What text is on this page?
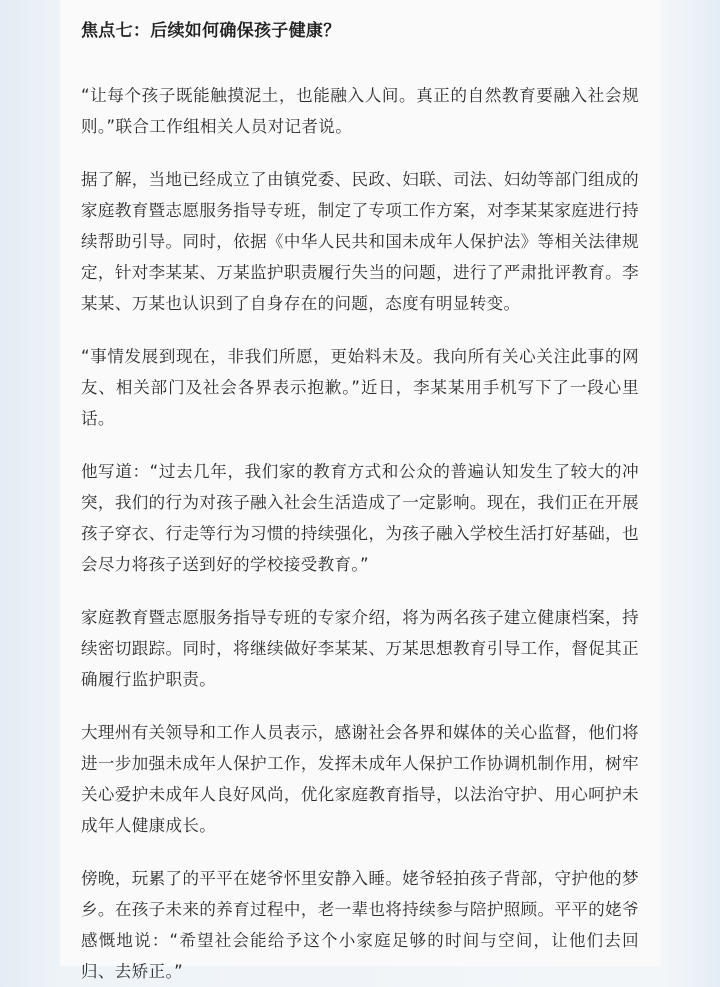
焦点七：后续如何确保孩子健康？

“让每个孩子既能触摸泥土，也能融入人间。真正的自然教育要融入社会规则。”联合工作组相关人员对记者说。

据了解，当地已经成立了由镇党委、民政、妇联、司法、妇幼等部门组成的家庭教育暨志愿服务指导专班，制定了专项工作方案，对李某某家庭进行持续帮助引导。同时，依据《中华人民共和国未成年人保护法》等相关法律规定，针对李某某、万某监护职责履行失当的问题，进行了严肃批评教育。李某某、万某也认识到了自身存在的问题，态度有明显转变。

“事情发展到现在，非我们所愿，更始料未及。我向所有关心关注此事的网友、相关部门及社会各界表示抱歉。”近日，李某某用手机写下了一段心里话。

他写道：“过去几年，我们家的教育方式和公众的普遍认知发生了较大的冲突，我们的行为对孩子融入社会生活造成了一定影响。现在，我们正在开展孩子穿衣、行走等行为习惯的持续强化，为孩子融入学校生活打好基础，也会尽力将孩子送到好的学校接受教育。”

家庭教育暨志愿服务指导专班的专家介绍，将为两名孩子建立健康档案，持续密切跟踪。同时，将继续做好李某某、万某思想教育引导工作，督促其正确履行监护职责。

大理州有关领导和工作人员表示，感谢社会各界和媒体的关心监督，他们将进一步加强未成年人保护工作，发挥未成年人保护工作协调机制作用，树牢关心爱护未成年人良好风尚，优化家庭教育指导，以法治守护、用心呵护未成年人健康成长。

傍晚，玩累了的平平在姥爷怀里安静入睡。姥爷轻拍孩子背部，守护他的梦乡。在孩子未来的养育过程中，老一辈也将持续参与陪护照顾。平平的姥爷感慨地说：“希望社会能给予这个小家庭足够的时间与空间，让他们去回归、去矫正。”
